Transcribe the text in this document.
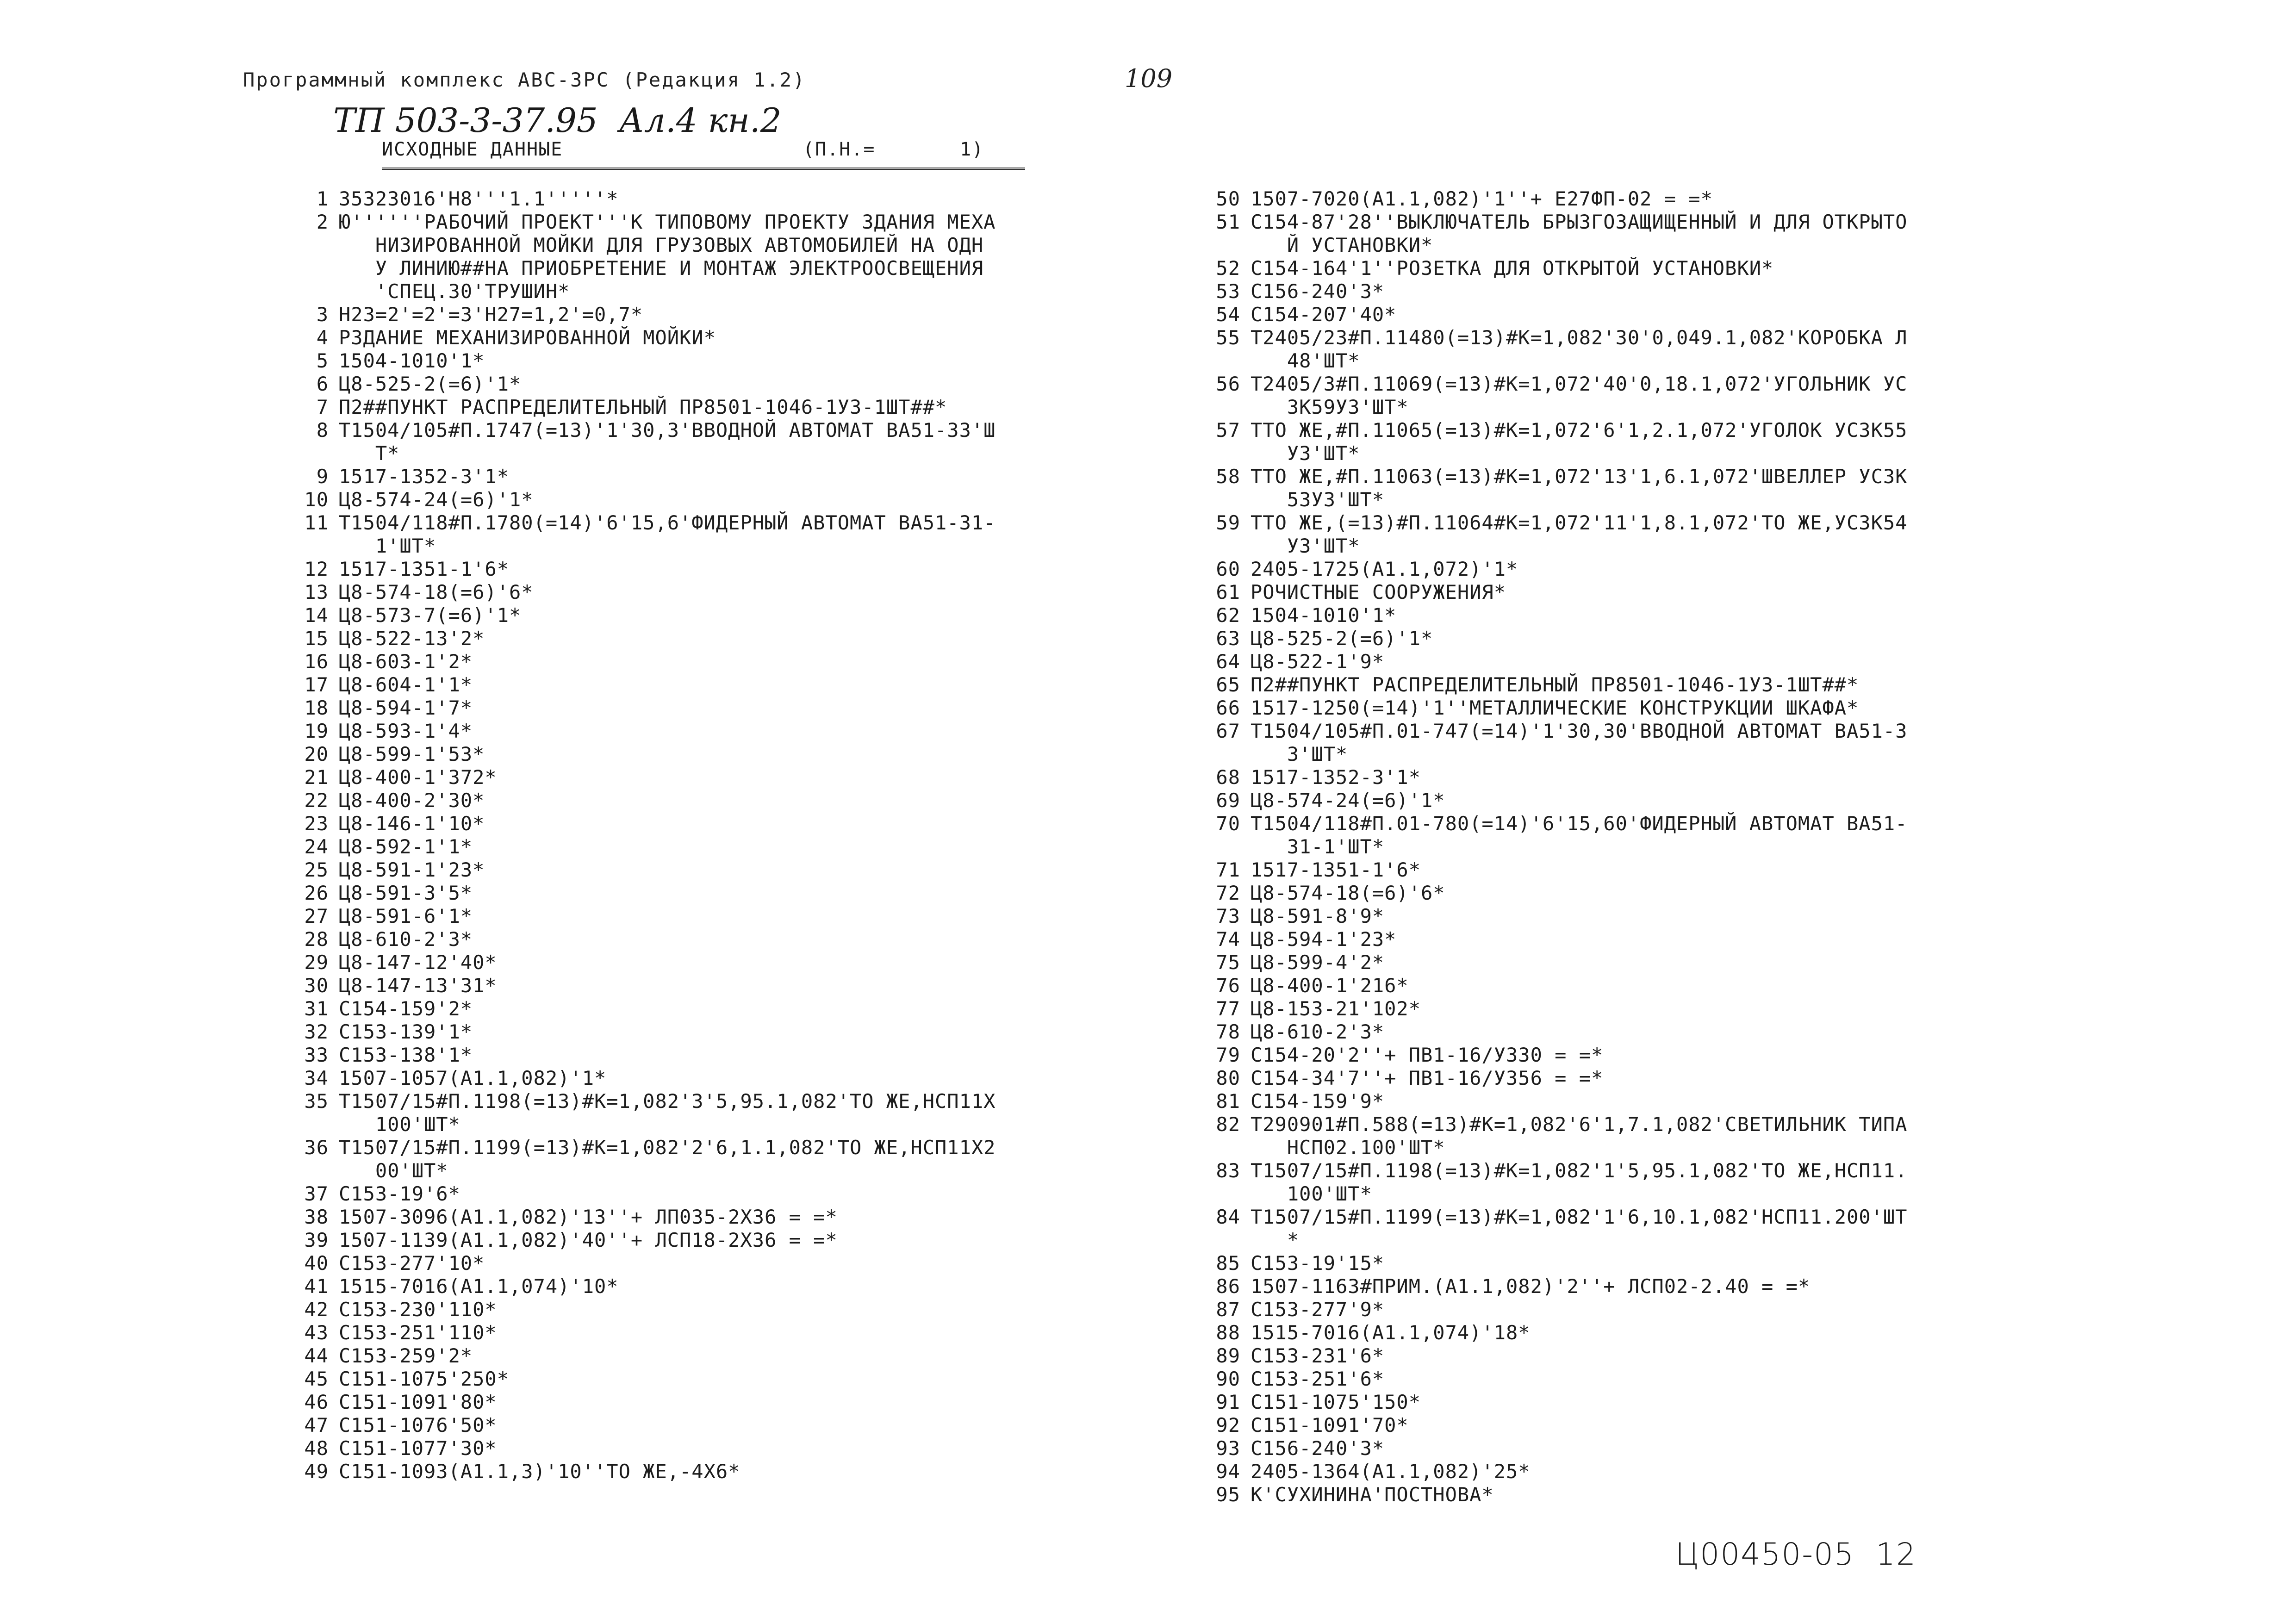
Программный комплекс АВС-3РС (Редакция 1.2)	109
ТП 503-3-37.95  Ал.4 кн.2
ИСХОДНЫЕ ДАННЫЕ	(П.Н.=       1)
1 35323016'Н8'''1.1'''''*
2 Ю''''''РАБОЧИЙ ПРОЕКТ'''К ТИПОВОМУ ПРОЕКТУ ЗДАНИЯ МЕХА
НИЗИРОВАННОЙ МОЙКИ ДЛЯ ГРУЗОВЫХ АВТОМОБИЛЕЙ НА ОДН
У ЛИНИЮ##НА ПРИОБРЕТЕНИЕ И МОНТАЖ ЭЛЕКТРООСВЕЩЕНИЯ
'СПЕЦ.30'ТРУШИН*
3 Н23=2'=2'=3'Н27=1,2'=0,7*
4 РЗДАНИЕ МЕХАНИЗИРОВАННОЙ МОЙКИ*
5 1504-1010'1*
6 Ц8-525-2(=6)'1*
7 П2##ПУНКТ РАСПРЕДЕЛИТЕЛЬНЫЙ ПР8501-1046-1У3-1ШТ##*
8 Т1504/105#П.1747(=13)'1'30,3'ВВОДНОЙ АВТОМАТ ВА51-33'Ш
Т*
9 1517-1352-3'1*
10 Ц8-574-24(=6)'1*
11 Т1504/118#П.1780(=14)'6'15,6'ФИДЕРНЫЙ АВТОМАТ ВА51-31-
1'ШТ*
12 1517-1351-1'6*
13 Ц8-574-18(=6)'6*
14 Ц8-573-7(=6)'1*
15 Ц8-522-13'2*
16 Ц8-603-1'2*
17 Ц8-604-1'1*
18 Ц8-594-1'7*
19 Ц8-593-1'4*
20 Ц8-599-1'53*
21 Ц8-400-1'372*
22 Ц8-400-2'30*
23 Ц8-146-1'10*
24 Ц8-592-1'1*
25 Ц8-591-1'23*
26 Ц8-591-3'5*
27 Ц8-591-6'1*
28 Ц8-610-2'3*
29 Ц8-147-12'40*
30 Ц8-147-13'31*
31 С154-159'2*
32 С153-139'1*
33 С153-138'1*
34 1507-1057(А1.1,082)'1*
35 Т1507/15#П.1198(=13)#К=1,082'3'5,95.1,082'ТО ЖЕ,НСП11Х
100'ШТ*
36 Т1507/15#П.1199(=13)#К=1,082'2'6,1.1,082'ТО ЖЕ,НСП11Х2
00'ШТ*
37 С153-19'6*
38 1507-3096(А1.1,082)'13''+ ЛП035-2Х36 = =*
39 1507-1139(А1.1,082)'40''+ ЛСП18-2Х36 = =*
40 С153-277'10*
41 1515-7016(А1.1,074)'10*
42 С153-230'110*
43 С153-251'110*
44 С153-259'2*
45 С151-1075'250*
46 С151-1091'80*
47 С151-1076'50*
48 С151-1077'30*
49 С151-1093(А1.1,3)'10''ТО ЖЕ,-4Х6*
50 1507-7020(А1.1,082)'1''+ Е27ФП-02 = =*
51 С154-87'28''ВЫКЛЮЧАТЕЛЬ БРЫЗГОЗАЩИЩЕННЫЙ И ДЛЯ ОТКРЫТО
Й УСТАНОВКИ*
52 С154-164'1''РОЗЕТКА ДЛЯ ОТКРЫТОЙ УСТАНОВКИ*
53 С156-240'3*
54 С154-207'40*
55 Т2405/23#П.11480(=13)#К=1,082'30'0,049.1,082'КОРОБКА Л
48'ШТ*
56 Т2405/3#П.11069(=13)#К=1,072'40'0,18.1,072'УГОЛЬНИК УС
3К59У3'ШТ*
57 ТТО ЖЕ,#П.11065(=13)#К=1,072'6'1,2.1,072'УГОЛОК УС3К55
У3'ШТ*
58 ТТО ЖЕ,#П.11063(=13)#К=1,072'13'1,6.1,072'ШВЕЛЛЕР УС3К
53У3'ШТ*
59 ТТО ЖЕ,(=13)#П.11064#К=1,072'11'1,8.1,072'ТО ЖЕ,УС3К54
У3'ШТ*
60 2405-1725(А1.1,072)'1*
61 РОЧИСТНЫЕ СООРУЖЕНИЯ*
62 1504-1010'1*
63 Ц8-525-2(=6)'1*
64 Ц8-522-1'9*
65 П2##ПУНКТ РАСПРЕДЕЛИТЕЛЬНЫЙ ПР8501-1046-1У3-1ШТ##*
66 1517-1250(=14)'1''МЕТАЛЛИЧЕСКИЕ КОНСТРУКЦИИ ШКАФА*
67 Т1504/105#П.01-747(=14)'1'30,30'ВВОДНОЙ АВТОМАТ ВА51-3
3'ШТ*
68 1517-1352-3'1*
69 Ц8-574-24(=6)'1*
70 Т1504/118#П.01-780(=14)'6'15,60'ФИДЕРНЫЙ АВТОМАТ ВА51-
31-1'ШТ*
71 1517-1351-1'6*
72 Ц8-574-18(=6)'6*
73 Ц8-591-8'9*
74 Ц8-594-1'23*
75 Ц8-599-4'2*
76 Ц8-400-1'216*
77 Ц8-153-21'102*
78 Ц8-610-2'3*
79 С154-20'2''+ ПВ1-16/У330 = =*
80 С154-34'7''+ ПВ1-16/У356 = =*
81 С154-159'9*
82 Т290901#П.588(=13)#К=1,082'6'1,7.1,082'СВЕТИЛЬНИК ТИПА
НСП02.100'ШТ*
83 Т1507/15#П.1198(=13)#К=1,082'1'5,95.1,082'ТО ЖЕ,НСП11.
100'ШТ*
84 Т1507/15#П.1199(=13)#К=1,082'1'6,10.1,082'НСП11.200'ШТ
*
85 С153-19'15*
86 1507-1163#ПРИМ.(А1.1,082)'2''+ ЛСП02-2.40 = =*
87 С153-277'9*
88 1515-7016(А1.1,074)'18*
89 С153-231'6*
90 С153-251'6*
91 С151-1075'150*
92 С151-1091'70*
93 С156-240'3*
94 2405-1364(А1.1,082)'25*
95 К'СУХИНИНА'ПОСТНОВА*
Ц00450-05  12
